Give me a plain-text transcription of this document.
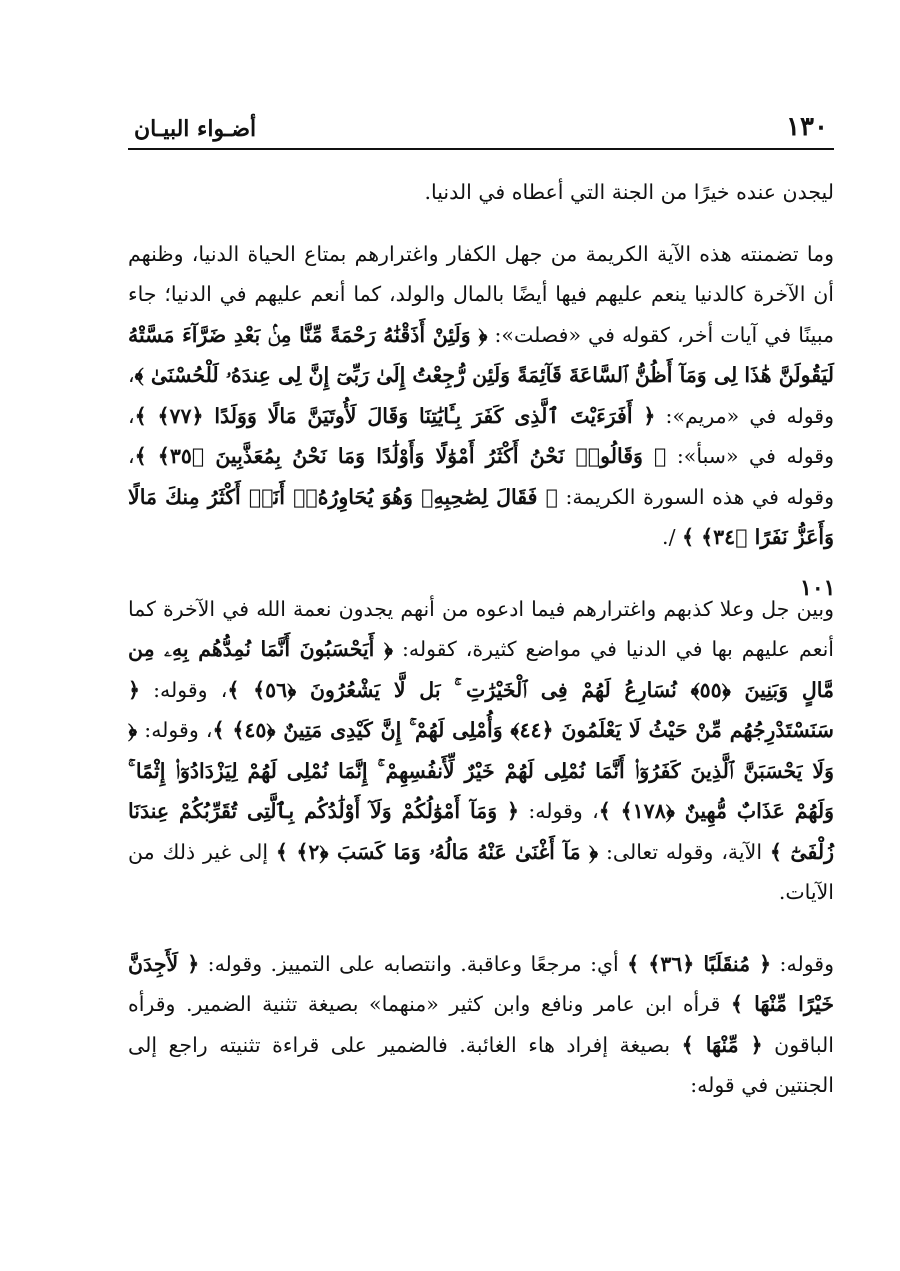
١٣٠
أضـواء البيـان
١٠١

ليجدن عنده خيرًا من الجنة التي أعطاه في الدنيا.

وما تضمنته هذه الآية الكريمة من جهل الكفار واغترارهم بمتاع الحياة الدنيا، وظنهم أن الآخرة كالدنيا ينعم عليهم فيها أيضًا بالمال والولد، كما أنعم عليهم في الدنيا؛ جاء مبينًا في آيات أخر، كقوله في «فصلت»: ﴿ وَلَئِنْ أَذَقْنَٰهُ رَحْمَةً مِّنَّا مِنۢ بَعْدِ ضَرَّآءَ مَسَّتْهُ لَيَقُولَنَّ هَٰذَا لِى وَمَآ أَظُنُّ ٱلسَّاعَةَ قَآئِمَةً وَلَئِن رُّجِعْتُ إِلَىٰ رَبِّىٓ إِنَّ لِى عِندَهُۥ لَلْحُسْنَىٰ ﴾، وقوله في «مريم»: ﴿ أَفَرَءَيْتَ ٱلَّذِى كَفَرَ بِـَٔايَٰتِنَا وَقَالَ لَأُوتَيَنَّ مَالًا وَوَلَدًا ﴿٧٧﴾ ﴾، وقوله في «سبأ»: ﴿ وَقَالُوا۟ نَحْنُ أَكْثَرُ أَمْوَٰلًا وَأَوْلَٰدًا وَمَا نَحْنُ بِمُعَذَّبِينَ ﴿٣٥﴾ ﴾، وقوله في هذه السورة الكريمة: ﴿ فَقَالَ لِصَٰحِبِهِۦ وَهُوَ يُحَاوِرُهُۥٓ أَنَا۠ أَكْثَرُ مِنكَ مَالًا وَأَعَزُّ نَفَرًا ﴿٣٤﴾ ﴾ /.

وبين جل وعلا كذبهم واغترارهم فيما ادعوه من أنهم يجدون نعمة الله في الآخرة كما أنعم عليهم بها في الدنيا في مواضع كثيرة، كقوله: ﴿ أَيَحْسَبُونَ أَنَّمَا نُمِدُّهُم بِهِۦ مِن مَّالٍ وَبَنِينَ ﴿٥٥﴾ نُسَارِعُ لَهُمْ فِى ٱلْخَيْرَٰتِ ۚ بَل لَّا يَشْعُرُونَ ﴿٥٦﴾ ﴾، وقوله: ﴿ سَنَسْتَدْرِجُهُم مِّنْ حَيْثُ لَا يَعْلَمُونَ ﴿٤٤﴾ وَأُمْلِى لَهُمْ ۚ إِنَّ كَيْدِى مَتِينٌ ﴿٤٥﴾ ﴾، وقوله: ﴿ وَلَا يَحْسَبَنَّ ٱلَّذِينَ كَفَرُوٓا۟ أَنَّمَا نُمْلِى لَهُمْ خَيْرٌ لِّأَنفُسِهِمْ ۚ إِنَّمَا نُمْلِى لَهُمْ لِيَزْدَادُوٓا۟ إِثْمًا ۚ وَلَهُمْ عَذَابٌ مُّهِينٌ ﴿١٧٨﴾ ﴾، وقوله: ﴿ وَمَآ أَمْوَٰلُكُمْ وَلَآ أَوْلَٰدُكُم بِٱلَّتِى تُقَرِّبُكُمْ عِندَنَا زُلْفَىٰٓ ﴾ الآية، وقوله تعالى: ﴿ مَآ أَغْنَىٰ عَنْهُ مَالُهُۥ وَمَا كَسَبَ ﴿٢﴾ ﴾ إلى غير ذلك من الآيات.

وقوله: ﴿ مُنقَلَبًا ﴿٣٦﴾ ﴾ أي: مرجعًا وعاقبة. وانتصابه على التمييز. وقوله: ﴿ لَأَجِدَنَّ خَيْرًا مِّنْهَا ﴾ قرأه ابن عامر ونافع وابن كثير «منهما» بصيغة تثنية الضمير. وقرأه الباقون ﴿ مِّنْهَا ﴾ بصيغة إفراد هاء الغائبة. فالضمير على قراءة تثنيته راجع إلى الجنتين في قوله:
